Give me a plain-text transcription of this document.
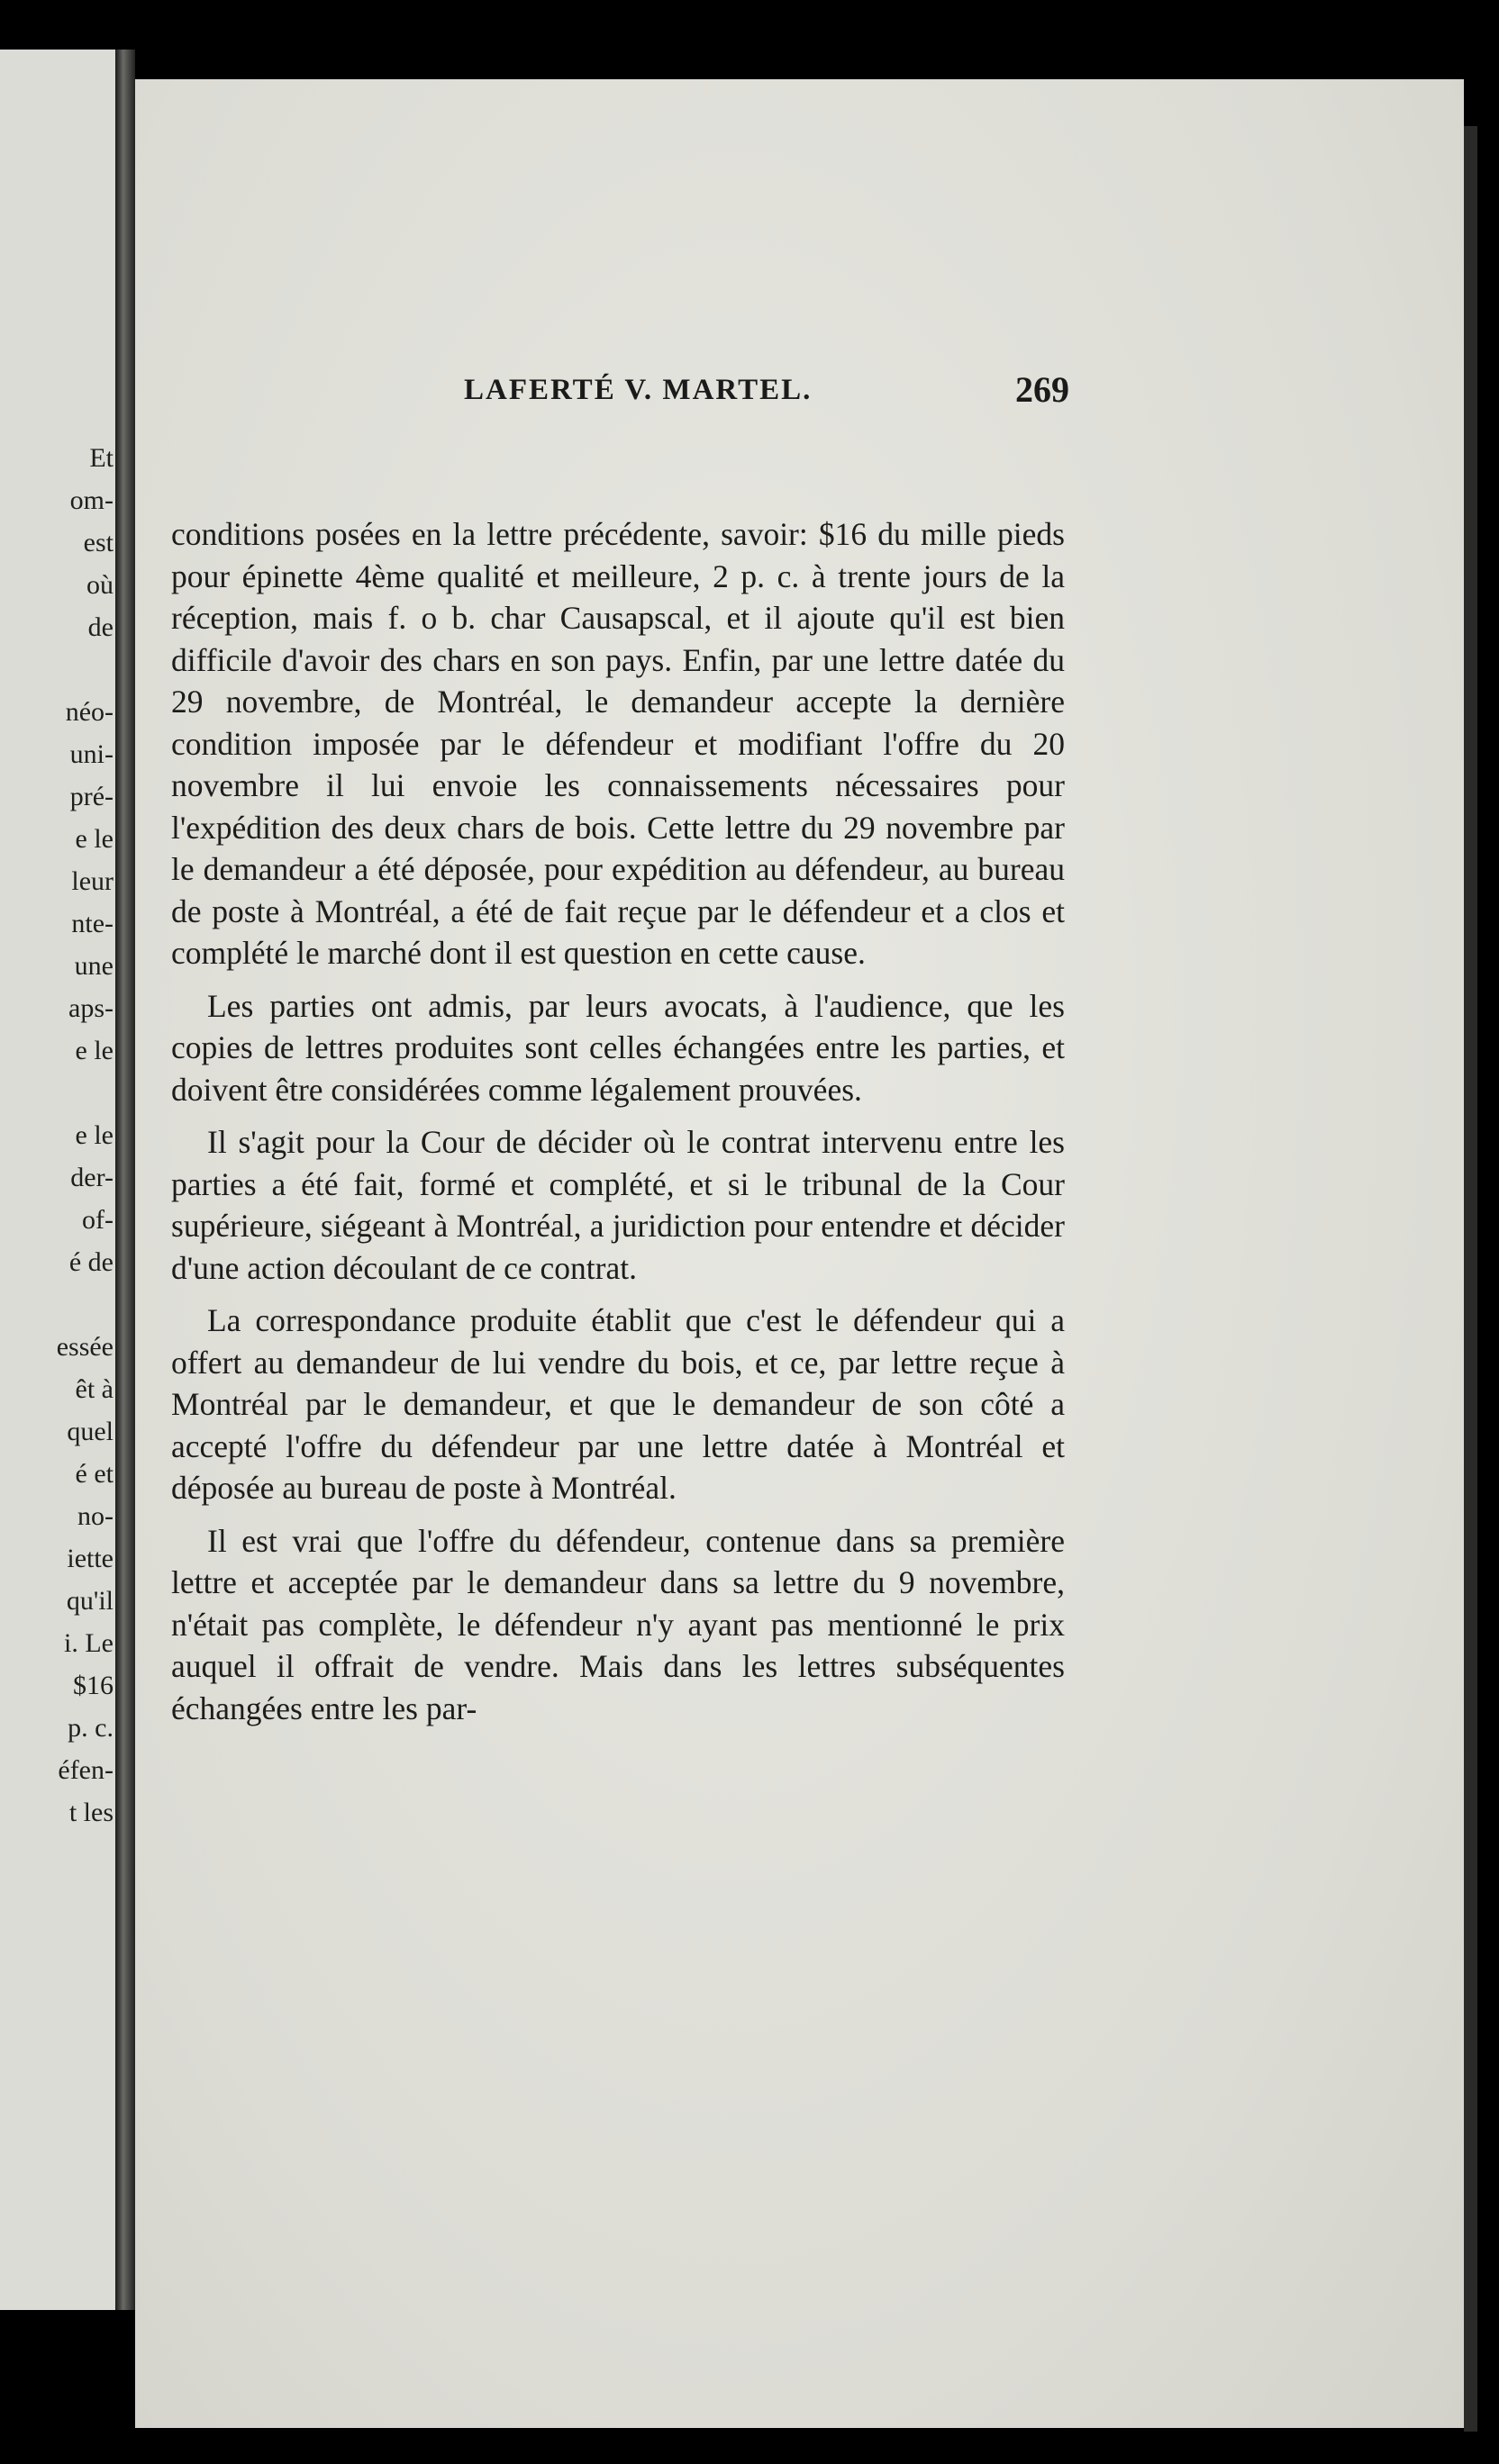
Et
om-
est
où
de
néo-
uni-
pré-
e le
leur
nte-
une
aps-
e le
e le
der-
of-
é de
essée
êt à
quel
é et
no-
iette
qu'il
i. Le
$16
p. c.
éfen-
t les
LAFERTÉ V. MARTEL.	269

conditions posées en la lettre précédente, savoir: $16 du mille pieds pour épinette 4ème qualité et meilleure, 2 p. c. à trente jours de la réception, mais f. o b. char Causapscal, et il ajoute qu'il est bien difficile d'avoir des chars en son pays. Enfin, par une lettre datée du 29 novembre, de Montréal, le demandeur accepte la dernière condition imposée par le défendeur et modifiant l'offre du 20 novembre il lui envoie les connaissements nécessaires pour l'expédition des deux chars de bois. Cette lettre du 29 novembre par le demandeur a été déposée, pour expédition au défendeur, au bureau de poste à Montréal, a été de fait reçue par le défendeur et a clos et complété le marché dont il est question en cette cause.

Les parties ont admis, par leurs avocats, à l'audience, que les copies de lettres produites sont celles échangées entre les parties, et doivent être considérées comme légalement prouvées.

Il s'agit pour la Cour de décider où le contrat intervenu entre les parties a été fait, formé et complété, et si le tribunal de la Cour supérieure, siégeant à Montréal, a juridiction pour entendre et décider d'une action découlant de ce contrat.

La correspondance produite établit que c'est le défendeur qui a offert au demandeur de lui vendre du bois, et ce, par lettre reçue à Montréal par le demandeur, et que le demandeur de son côté a accepté l'offre du défendeur par une lettre datée à Montréal et déposée au bureau de poste à Montréal.

Il est vrai que l'offre du défendeur, contenue dans sa première lettre et acceptée par le demandeur dans sa lettre du 9 novembre, n'était pas complète, le défendeur n'y ayant pas mentionné le prix auquel il offrait de vendre. Mais dans les lettres subséquentes échangées entre les par-
